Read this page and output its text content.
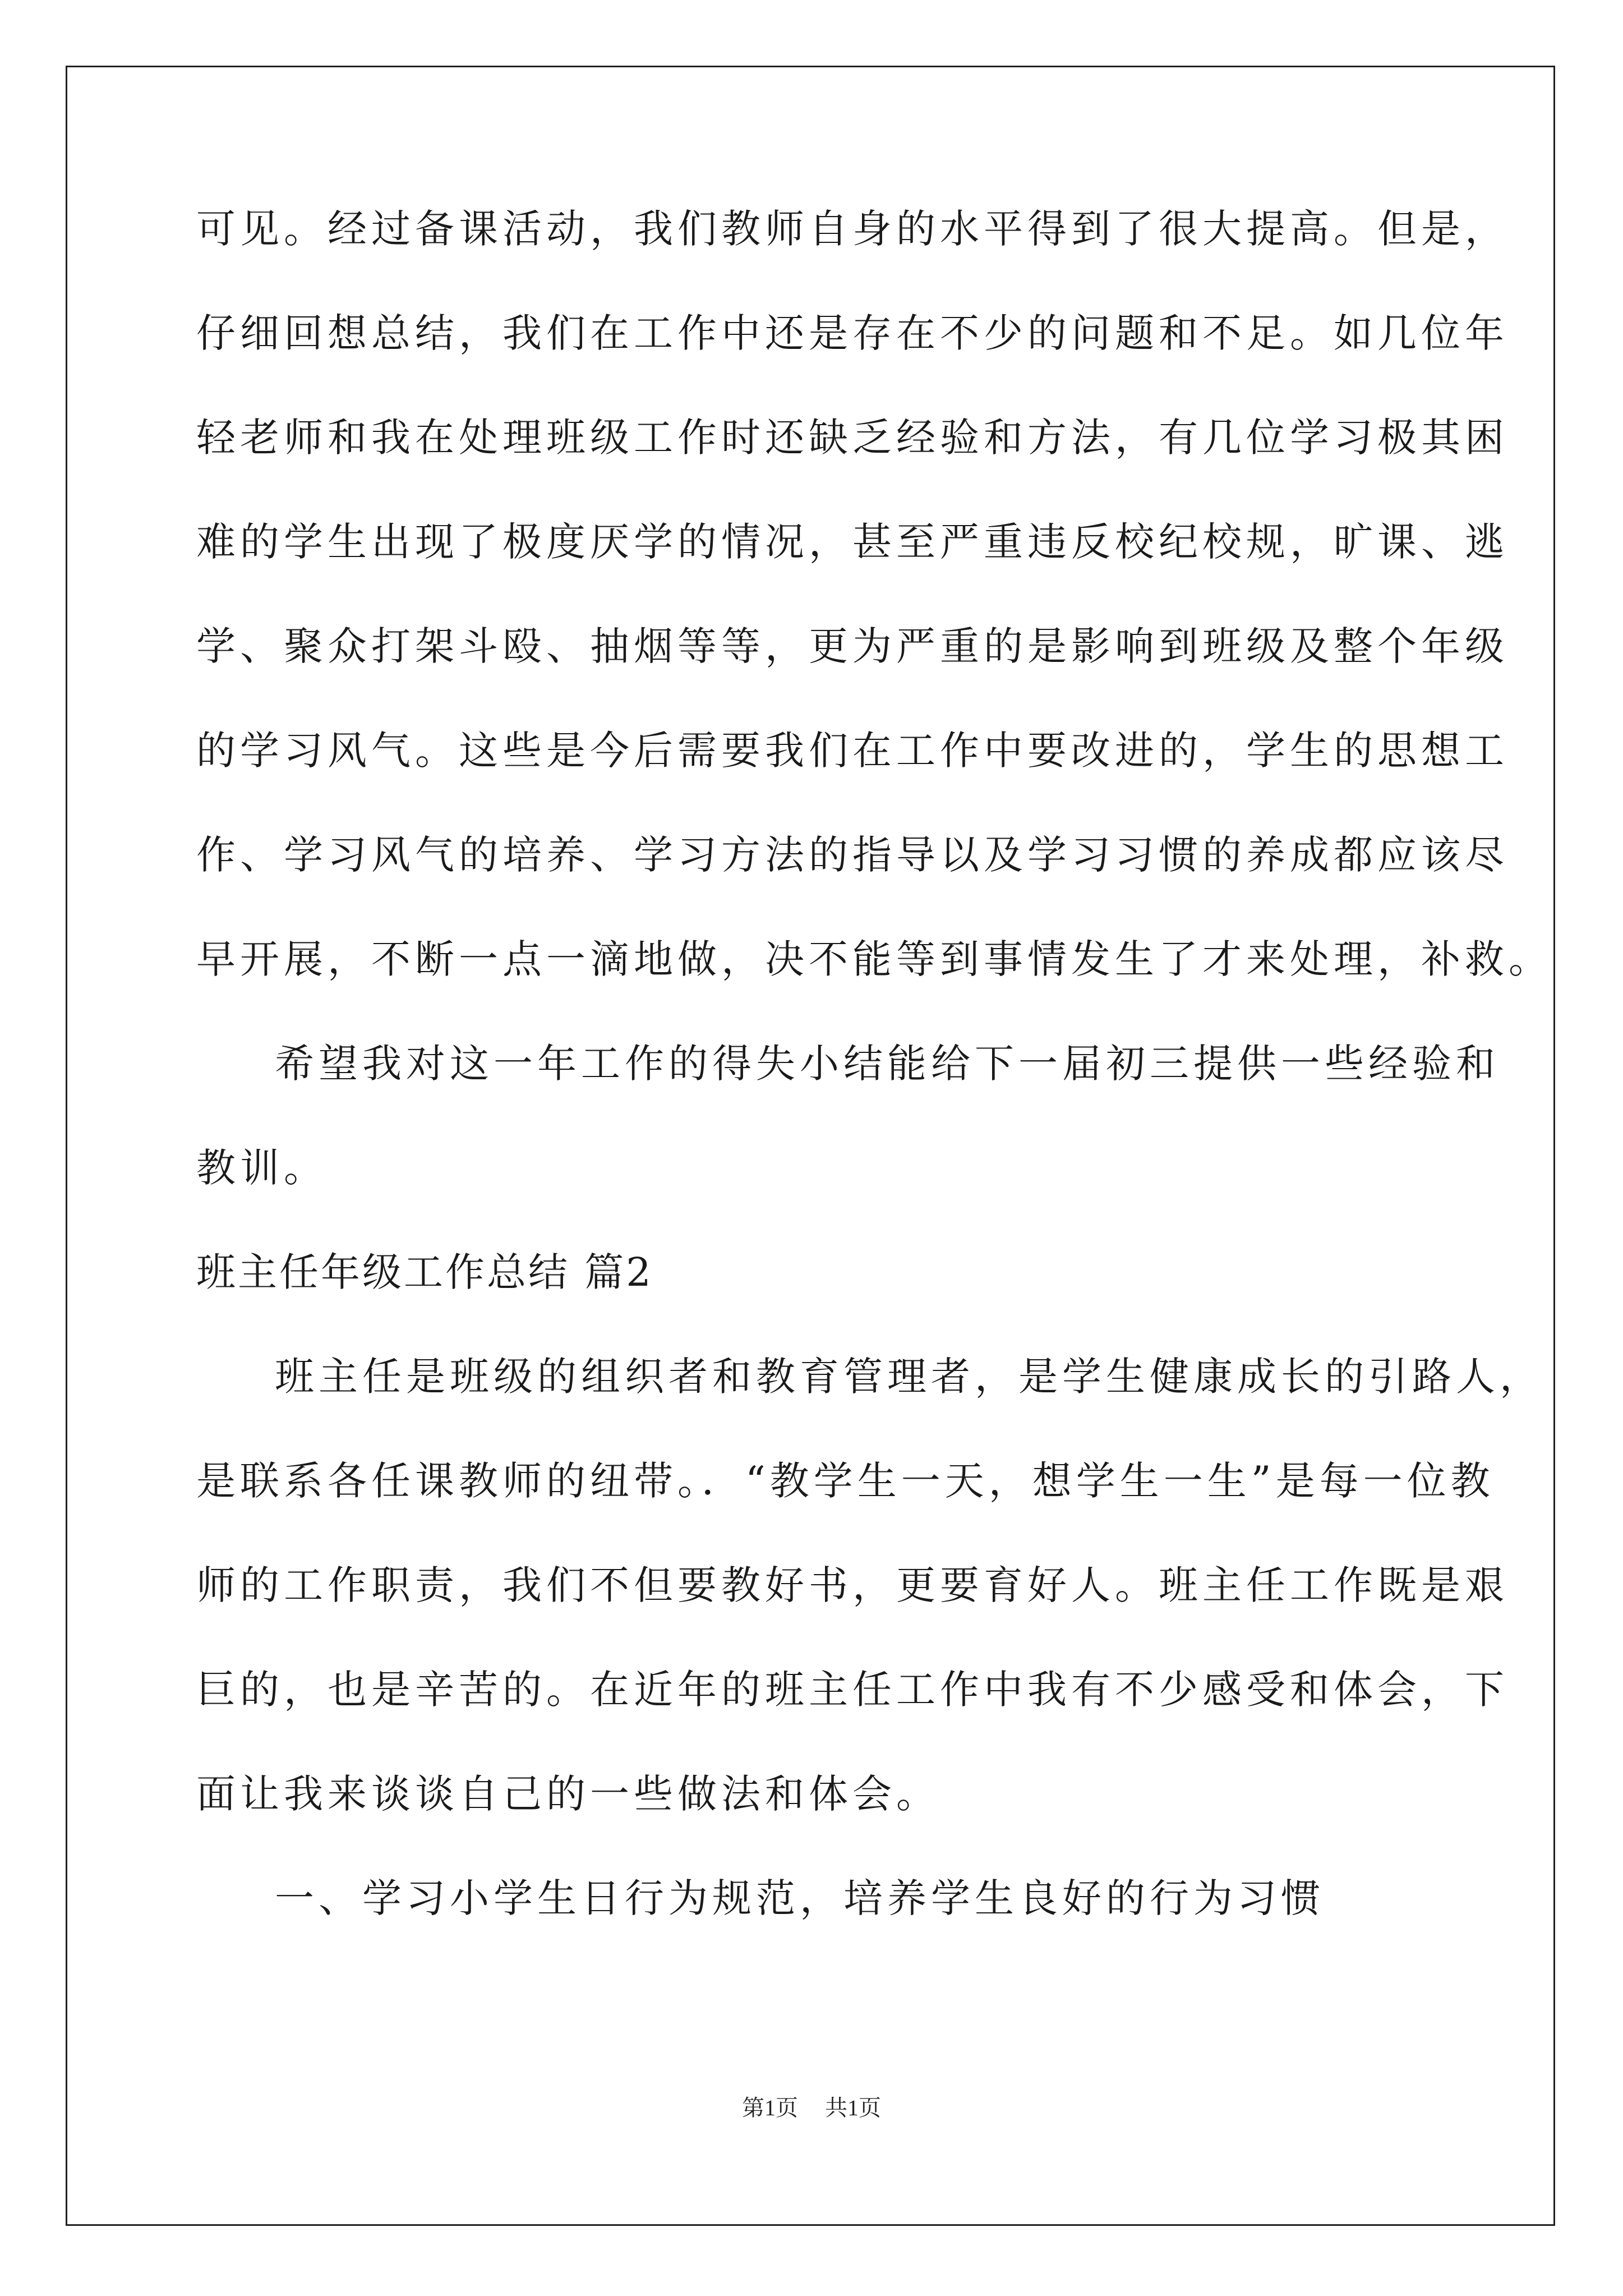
可见。经过备课活动，我们教师自身的水平得到了很大提高。但是，
仔细回想总结，我们在工作中还是存在不少的问题和不足。如几位年
轻老师和我在处理班级工作时还缺乏经验和方法，有几位学习极其困
难的学生出现了极度厌学的情况，甚至严重违反校纪校规，旷课、逃
学、聚众打架斗殴、抽烟等等，更为严重的是影响到班级及整个年级
的学习风气。这些是今后需要我们在工作中要改进的，学生的思想工
作、学习风气的培养、学习方法的指导以及学习习惯的养成都应该尽
早开展，不断一点一滴地做，决不能等到事情发生了才来处理，补救。
希望我对这一年工作的得失小结能给下一届初三提供一些经验和
教训。
班主任年级工作总结 篇2
班主任是班级的组织者和教育管理者，是学生健康成长的引路人，
是联系各任课教师的纽带。．“教学生一天，想学生一生”是每一位教
师的工作职责，我们不但要教好书，更要育好人。班主任工作既是艰
巨的，也是辛苦的。在近年的班主任工作中我有不少感受和体会，下
面让我来谈谈自己的一些做法和体会。
一、学习小学生日行为规范，培养学生良好的行为习惯
第1页 共1页
